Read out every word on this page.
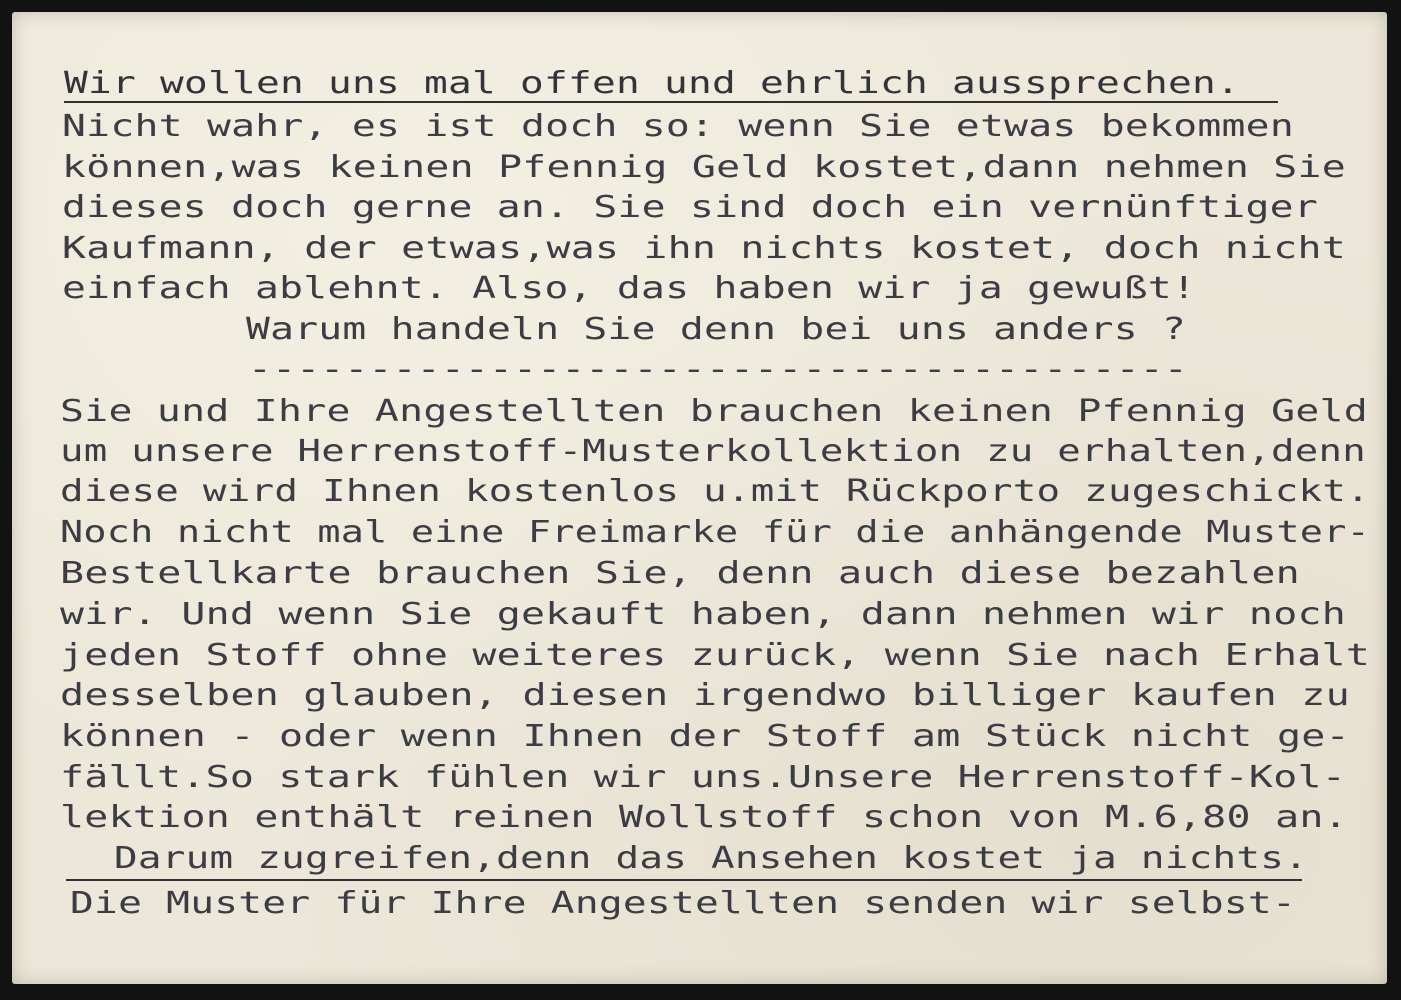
Wir wollen uns mal offen und ehrlich aussprechen.
Nicht wahr, es ist doch so: wenn Sie etwas bekommen
können,was keinen Pfennig Geld kostet,dann nehmen Sie
dieses doch gerne an. Sie sind doch ein vernünftiger
Kaufmann, der etwas,was ihn nichts kostet, doch nicht
einfach ablehnt. Also, das haben wir ja gewußt!
Warum handeln Sie denn bei uns anders ?
---------------------------------------
Sie und Ihre Angestellten brauchen keinen Pfennig Geld
um unsere Herrenstoff-Musterkollektion zu erhalten,denn
diese wird Ihnen kostenlos u.mit Rückporto zugeschickt.
Noch nicht mal eine Freimarke für die anhängende Muster-
Bestellkarte brauchen Sie, denn auch diese bezahlen
wir. Und wenn Sie gekauft haben, dann nehmen wir noch
jeden Stoff ohne weiteres zurück, wenn Sie nach Erhalt
desselben glauben, diesen irgendwo billiger kaufen zu
können - oder wenn Ihnen der Stoff am Stück nicht ge-
fällt.So stark fühlen wir uns.Unsere Herrenstoff-Kol-
lektion enthält reinen Wollstoff schon von M.6,80 an.
Darum zugreifen,denn das Ansehen kostet ja nichts.
Die Muster für Ihre Angestellten senden wir selbst-
